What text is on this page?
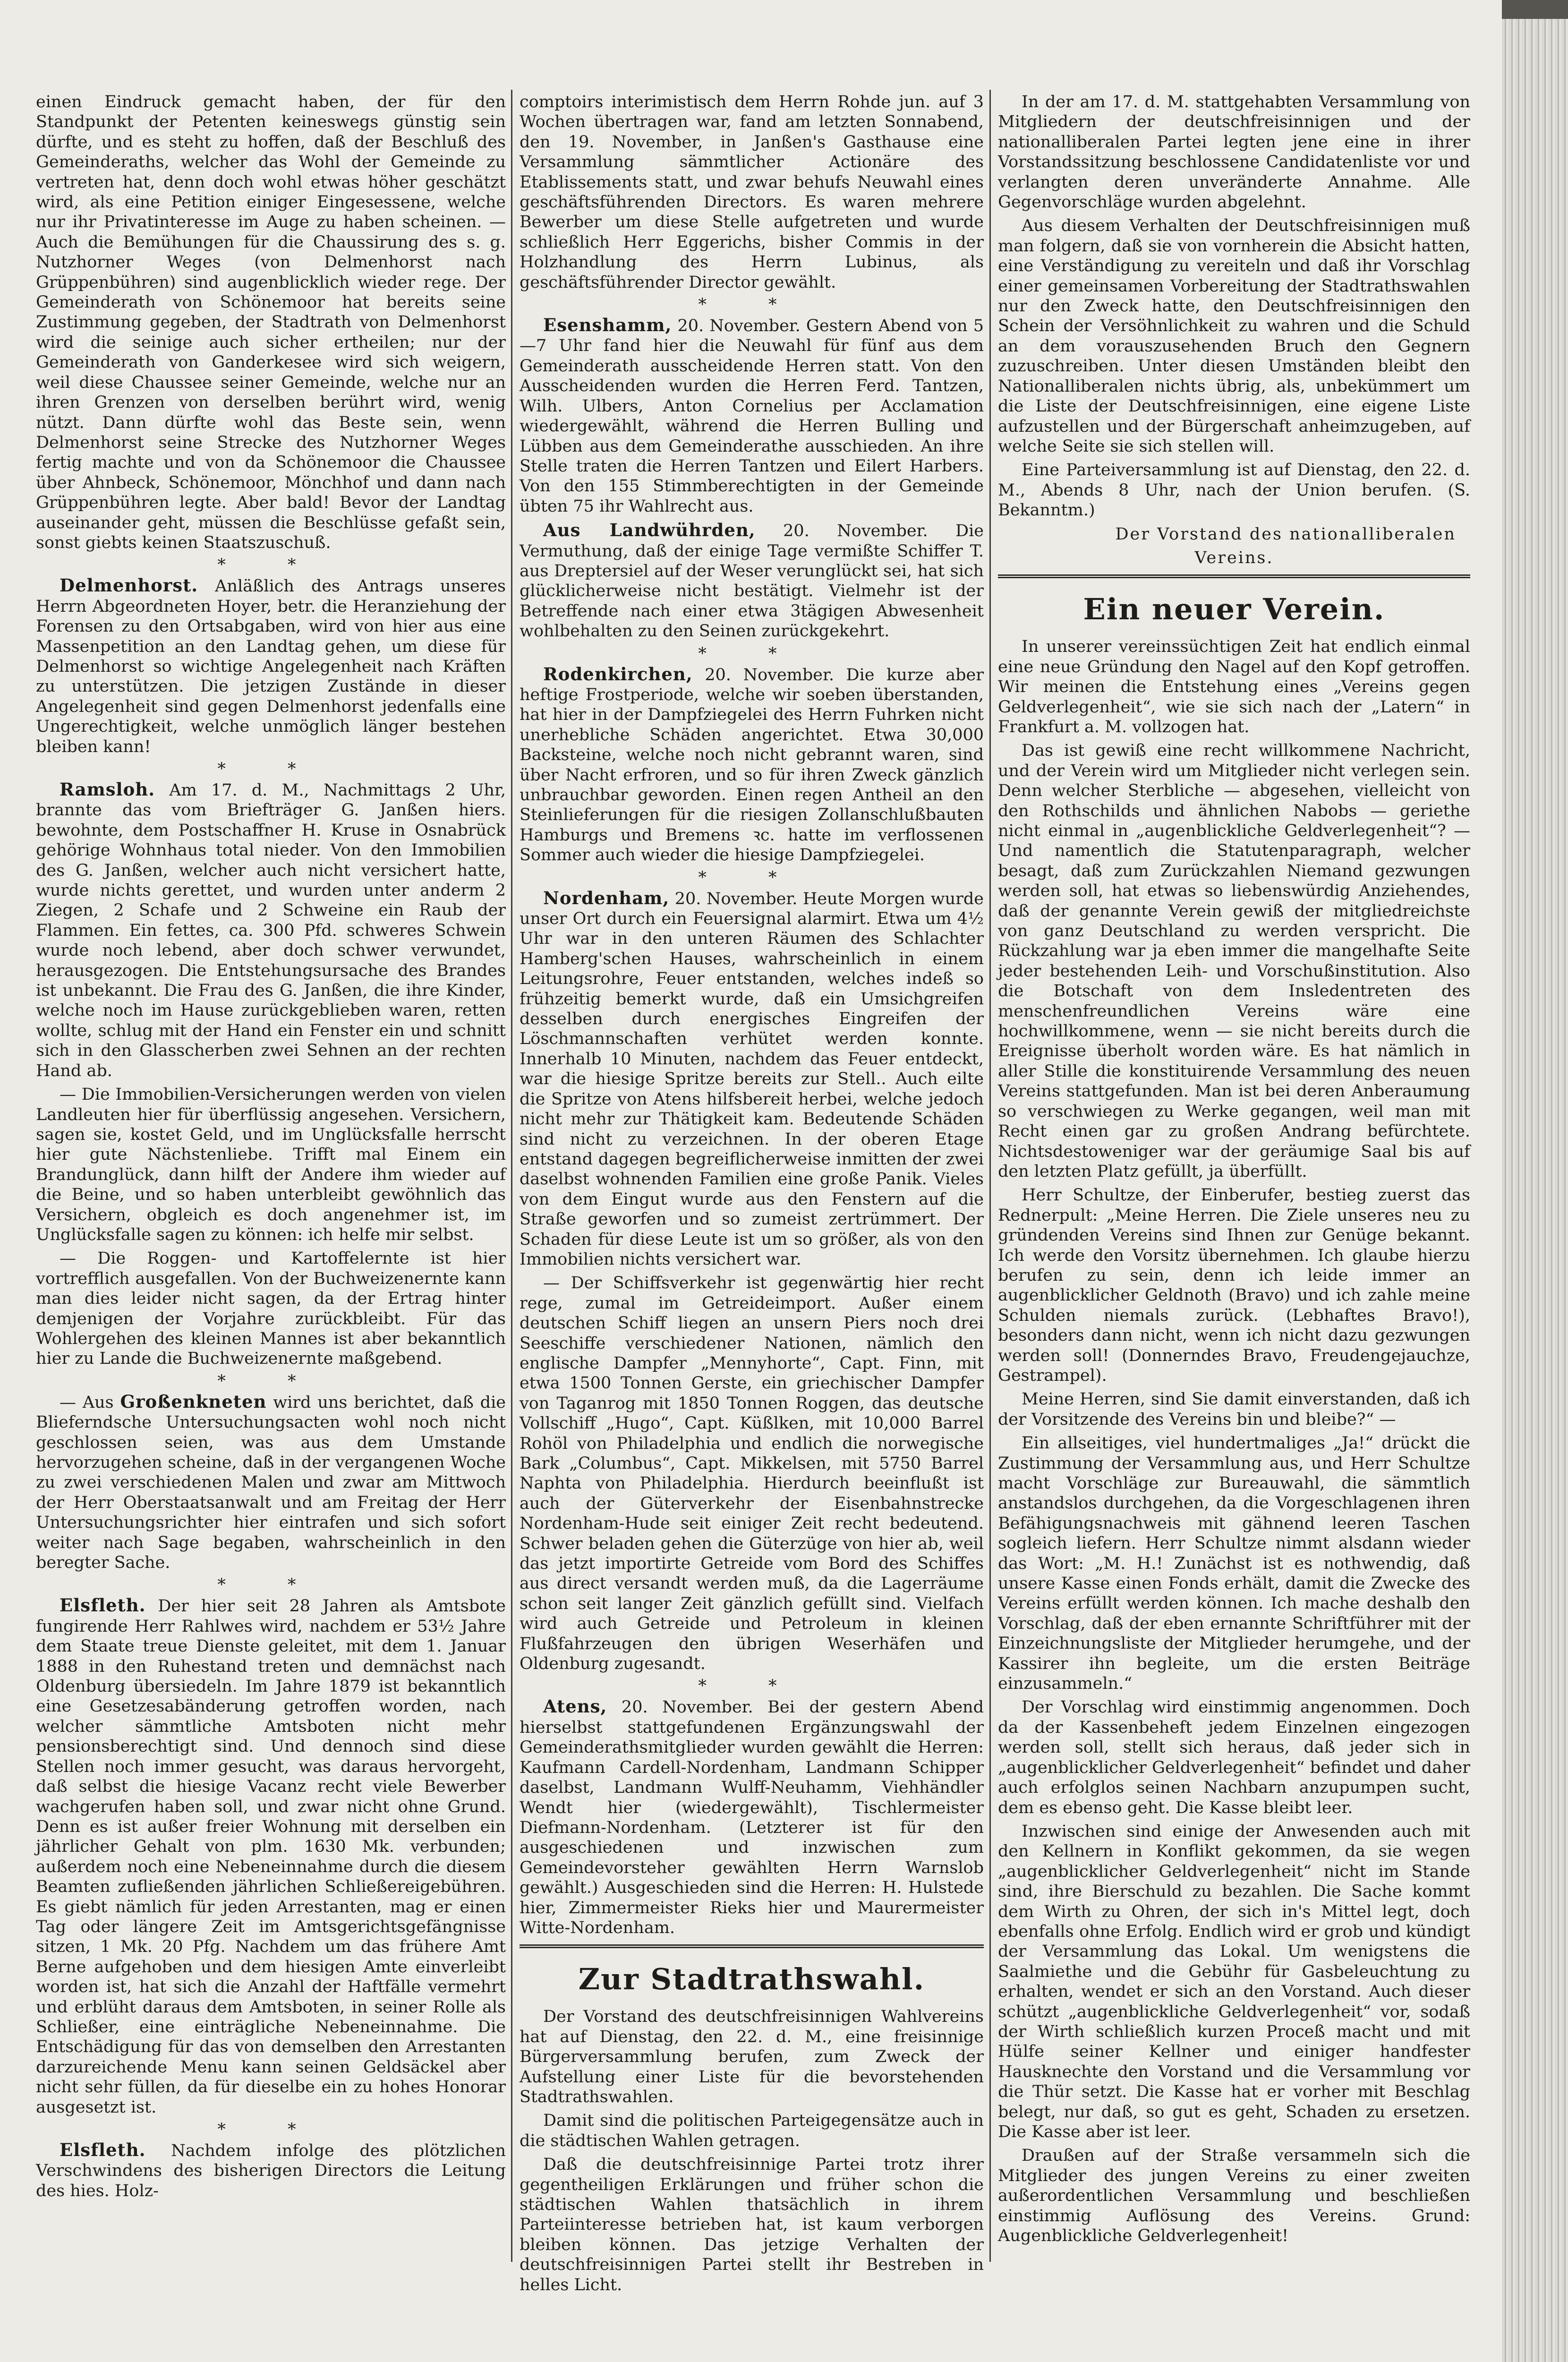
einen Eindruck gemacht haben, der für den Standpunkt der Petenten keineswegs günstig sein dürfte, und es steht zu hoffen, daß der Beschluß des Gemeinderaths, welcher das Wohl der Gemeinde zu vertreten hat, denn doch wohl etwas höher geschätzt wird, als eine Petition einiger Eingesessene, welche nur ihr Privatinteresse im Auge zu haben scheinen. — Auch die Bemühungen für die Chaussirung des s. g. Nutzhorner Weges (von Delmenhorst nach Grüppenbühren) sind augenblicklich wieder rege. Der Gemeinderath von Schönemoor hat bereits seine Zustimmung gegeben, der Stadtrath von Delmenhorst wird die seinige auch sicher ertheilen; nur der Gemeinderath von Ganderkesee wird sich weigern, weil diese Chaussee seiner Gemeinde, welche nur an ihren Grenzen von derselben berührt wird, wenig nützt. Dann dürfte wohl das Beste sein, wenn Delmenhorst seine Strecke des Nutzhorner Weges fertig machte und von da Schönemoor die Chaussee über Ahnbeck, Schönemoor, Mönchhof und dann nach Grüppenbühren legte. Aber bald! Bevor der Landtag auseinander geht, müssen die Beschlüsse gefaßt sein, sonst giebts keinen Staatszuschuß.

* *

Delmenhorst. Anläßlich des Antrags unseres Herrn Abgeordneten Hoyer, betr. die Heranziehung der Forensen zu den Ortsabgaben, wird von hier aus eine Massenpetition an den Landtag gehen, um diese für Delmenhorst so wichtige Angelegenheit nach Kräften zu unterstützen. Die jetzigen Zustände in dieser Angelegenheit sind gegen Delmenhorst jedenfalls eine Ungerechtigkeit, welche unmöglich länger bestehen bleiben kann!

* *

Ramsloh. Am 17. d. M., Nachmittags 2 Uhr, brannte das vom Briefträger G. Janßen hiers. bewohnte, dem Postschaffner H. Kruse in Osnabrück gehörige Wohnhaus total nieder. Von den Immobilien des G. Janßen, welcher auch nicht versichert hatte, wurde nichts gerettet, und wurden unter anderm 2 Ziegen, 2 Schafe und 2 Schweine ein Raub der Flammen. Ein fettes, ca. 300 Pfd. schweres Schwein wurde noch lebend, aber doch schwer verwundet, herausgezogen. Die Entstehungsursache des Brandes ist unbekannt. Die Frau des G. Janßen, die ihre Kinder, welche noch im Hause zurückgeblieben waren, retten wollte, schlug mit der Hand ein Fenster ein und schnitt sich in den Glasscherben zwei Sehnen an der rechten Hand ab.

— Die Immobilien-Versicherungen werden von vielen Landleuten hier für überflüssig angesehen. Versichern, sagen sie, kostet Geld, und im Unglücksfalle herrscht hier gute Nächstenliebe. Trifft mal Einem ein Brandunglück, dann hilft der Andere ihm wieder auf die Beine, und so haben unterbleibt gewöhnlich das Versichern, obgleich es doch angenehmer ist, im Unglücksfalle sagen zu können: ich helfe mir selbst.

— Die Roggen- und Kartoffelernte ist hier vortrefflich ausgefallen. Von der Buchweizenernte kann man dies leider nicht sagen, da der Ertrag hinter demjenigen der Vorjahre zurückbleibt. Für das Wohlergehen des kleinen Mannes ist aber bekanntlich hier zu Lande die Buchweizenernte maßgebend.

* *

— Aus Großenkneten wird uns berichtet, daß die Blieferndsche Untersuchungsacten wohl noch nicht geschlossen seien, was aus dem Umstande hervorzugehen scheine, daß in der vergangenen Woche zu zwei verschiedenen Malen und zwar am Mittwoch der Herr Oberstaatsanwalt und am Freitag der Herr Untersuchungsrichter hier eintrafen und sich sofort weiter nach Sage begaben, wahrscheinlich in den beregter Sache.

* *

Elsfleth. Der hier seit 28 Jahren als Amtsbote fungirende Herr Rahlwes wird, nachdem er 53½ Jahre dem Staate treue Dienste geleitet, mit dem 1. Januar 1888 in den Ruhestand treten und demnächst nach Oldenburg übersiedeln. Im Jahre 1879 ist bekanntlich eine Gesetzesabänderung getroffen worden, nach welcher sämmtliche Amtsboten nicht mehr pensionsberechtigt sind. Und dennoch sind diese Stellen noch immer gesucht, was daraus hervorgeht, daß selbst die hiesige Vacanz recht viele Bewerber wachgerufen haben soll, und zwar nicht ohne Grund. Denn es ist außer freier Wohnung mit derselben ein jährlicher Gehalt von plm. 1630 Mk. verbunden; außerdem noch eine Nebeneinnahme durch die diesem Beamten zufließenden jährlichen Schließereigebühren. Es giebt nämlich für jeden Arrestanten, mag er einen Tag oder längere Zeit im Amtsgerichtsgefängnisse sitzen, 1 Mk. 20 Pfg. Nachdem um das frühere Amt Berne aufgehoben und dem hiesigen Amte einverleibt worden ist, hat sich die Anzahl der Haftfälle vermehrt und erblüht daraus dem Amtsboten, in seiner Rolle als Schließer, eine einträgliche Nebeneinnahme. Die Entschädigung für das von demselben den Arrestanten darzureichende Menu kann seinen Geldsäckel aber nicht sehr füllen, da für dieselbe ein zu hohes Honorar ausgesetzt ist.

* *

Elsfleth. Nachdem infolge des plötzlichen Verschwindens des bisherigen Directors die Leitung des hies. Holz-

comptoirs interimistisch dem Herrn Rohde jun. auf 3 Wochen übertragen war, fand am letzten Sonnabend, den 19. November, in Janßen's Gasthause eine Versammlung sämmtlicher Actionäre des Etablissements statt, und zwar behufs Neuwahl eines geschäftsführenden Directors. Es waren mehrere Bewerber um diese Stelle aufgetreten und wurde schließlich Herr Eggerichs, bisher Commis in der Holzhandlung des Herrn Lubinus, als geschäftsführender Director gewählt.

* *

Esenshamm, 20. November. Gestern Abend von 5—7 Uhr fand hier die Neuwahl für fünf aus dem Gemeinderath ausscheidende Herren statt. Von den Ausscheidenden wurden die Herren Ferd. Tantzen, Wilh. Ulbers, Anton Cornelius per Acclamation wiedergewählt, während die Herren Bulling und Lübben aus dem Gemeinderathe ausschieden. An ihre Stelle traten die Herren Tantzen und Eilert Harbers. Von den 155 Stimmberechtigten in der Gemeinde übten 75 ihr Wahlrecht aus.

Aus Landwührden, 20. November. Die Vermuthung, daß der einige Tage vermißte Schiffer T. aus Dreptersiel auf der Weser verunglückt sei, hat sich glücklicherweise nicht bestätigt. Vielmehr ist der Betreffende nach einer etwa 3tägigen Abwesenheit wohlbehalten zu den Seinen zurückgekehrt.

* *

Rodenkirchen, 20. November. Die kurze aber heftige Frostperiode, welche wir soeben überstanden, hat hier in der Dampfziegelei des Herrn Fuhrken nicht unerhebliche Schäden angerichtet. Etwa 30,000 Backsteine, welche noch nicht gebrannt waren, sind über Nacht erfroren, und so für ihren Zweck gänzlich unbrauchbar geworden. Einen regen Antheil an den Steinlieferungen für die riesigen Zollanschlußbauten Hamburgs und Bremens ꝛc. hatte im verflossenen Sommer auch wieder die hiesige Dampfziegelei.

* *

Nordenham, 20. November. Heute Morgen wurde unser Ort durch ein Feuersignal alarmirt. Etwa um 4½ Uhr war in den unteren Räumen des Schlachter Hamberg'schen Hauses, wahrscheinlich in einem Leitungsrohre, Feuer entstanden, welches indeß so frühzeitig bemerkt wurde, daß ein Umsichgreifen desselben durch energisches Eingreifen der Löschmannschaften verhütet werden konnte. Innerhalb 10 Minuten, nachdem das Feuer entdeckt, war die hiesige Spritze bereits zur Stell.. Auch eilte die Spritze von Atens hilfsbereit herbei, welche jedoch nicht mehr zur Thätigkeit kam. Bedeutende Schäden sind nicht zu verzeichnen. In der oberen Etage entstand dagegen begreiflicherweise inmitten der zwei daselbst wohnenden Familien eine große Panik. Vieles von dem Eingut wurde aus den Fenstern auf die Straße geworfen und so zumeist zertrümmert. Der Schaden für diese Leute ist um so größer, als von den Immobilien nichts versichert war.

— Der Schiffsverkehr ist gegenwärtig hier recht rege, zumal im Getreideimport. Außer einem deutschen Schiff liegen an unsern Piers noch drei Seeschiffe verschiedener Nationen, nämlich den englische Dampfer „Mennyhorte“, Capt. Finn, mit etwa 1500 Tonnen Gerste, ein griechischer Dampfer von Taganrog mit 1850 Tonnen Roggen, das deutsche Vollschiff „Hugo“, Capt. Küßlken, mit 10,000 Barrel Rohöl von Philadelphia und endlich die norwegische Bark „Columbus“, Capt. Mikkelsen, mit 5750 Barrel Naphta von Philadelphia. Hierdurch beeinflußt ist auch der Güterverkehr der Eisenbahnstrecke Nordenham-Hude seit einiger Zeit recht bedeutend. Schwer beladen gehen die Güterzüge von hier ab, weil das jetzt importirte Getreide vom Bord des Schiffes aus direct versandt werden muß, da die Lagerräume schon seit langer Zeit gänzlich gefüllt sind. Vielfach wird auch Getreide und Petroleum in kleinen Flußfahrzeugen den übrigen Weserhäfen und Oldenburg zugesandt.

* *

Atens, 20. November. Bei der gestern Abend hierselbst stattgefundenen Ergänzungswahl der Gemeinderathsmitglieder wurden gewählt die Herren: Kaufmann Cardell-Nordenham, Landmann Schipper daselbst, Landmann Wulff-Neuhamm, Viehhändler Wendt hier (wiedergewählt), Tischlermeister Diefmann-Nordenham. (Letzterer ist für den ausgeschiedenen und inzwischen zum Gemeindevorsteher gewählten Herrn Warnslob gewählt.) Ausgeschieden sind die Herren: H. Hulstede hier, Zimmermeister Rieks hier und Maurermeister Witte-Nordenham.

Zur Stadtrathswahl.

Der Vorstand des deutschfreisinnigen Wahlvereins hat auf Dienstag, den 22. d. M., eine freisinnige Bürgerversammlung berufen, zum Zweck der Aufstellung einer Liste für die bevorstehenden Stadtrathswahlen.

Damit sind die politischen Parteigegensätze auch in die städtischen Wahlen getragen.

Daß die deutschfreisinnige Partei trotz ihrer gegentheiligen Erklärungen und früher schon die städtischen Wahlen thatsächlich in ihrem Parteiinteresse betrieben hat, ist kaum verborgen bleiben können. Das jetzige Verhalten der deutschfreisinnigen Partei stellt ihr Bestreben in helles Licht.

In der am 17. d. M. stattgehabten Versammlung von Mitgliedern der deutschfreisinnigen und der nationalliberalen Partei legten jene eine in ihrer Vorstandssitzung beschlossene Candidatenliste vor und verlangten deren unveränderte Annahme. Alle Gegenvorschläge wurden abgelehnt.

Aus diesem Verhalten der Deutschfreisinnigen muß man folgern, daß sie von vornherein die Absicht hatten, eine Verständigung zu vereiteln und daß ihr Vorschlag einer gemeinsamen Vorbereitung der Stadtrathswahlen nur den Zweck hatte, den Deutschfreisinnigen den Schein der Versöhnlichkeit zu wahren und die Schuld an dem vorauszusehenden Bruch den Gegnern zuzuschreiben. Unter diesen Umständen bleibt den Nationalliberalen nichts übrig, als, unbekümmert um die Liste der Deutschfreisinnigen, eine eigene Liste aufzustellen und der Bürgerschaft anheimzugeben, auf welche Seite sie sich stellen will.

Eine Parteiversammlung ist auf Dienstag, den 22. d. M., Abends 8 Uhr, nach der Union berufen. (S. Bekanntm.)

Der Vorstand des nationalliberalen
Vereins.
Ein neuer Verein.

In unserer vereinssüchtigen Zeit hat endlich einmal eine neue Gründung den Nagel auf den Kopf getroffen. Wir meinen die Entstehung eines „Vereins gegen Geldverlegenheit“, wie sie sich nach der „Latern“ in Frankfurt a. M. vollzogen hat.

Das ist gewiß eine recht willkommene Nachricht, und der Verein wird um Mitglieder nicht verlegen sein. Denn welcher Sterbliche — abgesehen, vielleicht von den Rothschilds und ähnlichen Nabobs — geriethe nicht einmal in „augenblickliche Geldverlegenheit“? — Und namentlich die Statutenparagraph, welcher besagt, daß zum Zurückzahlen Niemand gezwungen werden soll, hat etwas so liebenswürdig Anziehendes, daß der genannte Verein gewiß der mitgliedreichste von ganz Deutschland zu werden verspricht. Die Rückzahlung war ja eben immer die mangelhafte Seite jeder bestehenden Leih- und Vorschußinstitution. Also die Botschaft von dem Insledentreten des menschenfreundlichen Vereins wäre eine hochwillkommene, wenn — sie nicht bereits durch die Ereignisse überholt worden wäre. Es hat nämlich in aller Stille die konstituirende Versammlung des neuen Vereins stattgefunden. Man ist bei deren Anberaumung so verschwiegen zu Werke gegangen, weil man mit Recht einen gar zu großen Andrang befürchtete. Nichtsdestoweniger war der geräumige Saal bis auf den letzten Platz gefüllt, ja überfüllt.

Herr Schultze, der Einberufer, bestieg zuerst das Rednerpult: „Meine Herren. Die Ziele unseres neu zu gründenden Vereins sind Ihnen zur Genüge bekannt. Ich werde den Vorsitz übernehmen. Ich glaube hierzu berufen zu sein, denn ich leide immer an augenblicklicher Geldnoth (Bravo) und ich zahle meine Schulden niemals zurück. (Lebhaftes Bravo!), besonders dann nicht, wenn ich nicht dazu gezwungen werden soll! (Donnerndes Bravo, Freudengejauchze, Gestrampel).

Meine Herren, sind Sie damit einverstanden, daß ich der Vorsitzende des Vereins bin und bleibe?“ —

Ein allseitiges, viel hundertmaliges „Ja!“ drückt die Zustimmung der Versammlung aus, und Herr Schultze macht Vorschläge zur Bureauwahl, die sämmtlich anstandslos durchgehen, da die Vorgeschlagenen ihren Befähigungsnachweis mit gähnend leeren Taschen sogleich liefern. Herr Schultze nimmt alsdann wieder das Wort: „M. H.! Zunächst ist es nothwendig, daß unsere Kasse einen Fonds erhält, damit die Zwecke des Vereins erfüllt werden können. Ich mache deshalb den Vorschlag, daß der eben ernannte Schriftführer mit der Einzeichnungsliste der Mitglieder herumgehe, und der Kassirer ihn begleite, um die ersten Beiträge einzusammeln.“

Der Vorschlag wird einstimmig angenommen. Doch da der Kassenbeheft jedem Einzelnen eingezogen werden soll, stellt sich heraus, daß jeder sich in „augenblicklicher Geldverlegenheit“ befindet und daher auch erfolglos seinen Nachbarn anzupumpen sucht, dem es ebenso geht. Die Kasse bleibt leer.

Inzwischen sind einige der Anwesenden auch mit den Kellnern in Konflikt gekommen, da sie wegen „augenblicklicher Geldverlegenheit“ nicht im Stande sind, ihre Bierschuld zu bezahlen. Die Sache kommt dem Wirth zu Ohren, der sich in's Mittel legt, doch ebenfalls ohne Erfolg. Endlich wird er grob und kündigt der Versammlung das Lokal. Um wenigstens die Saalmiethe und die Gebühr für Gasbeleuchtung zu erhalten, wendet er sich an den Vorstand. Auch dieser schützt „augenblickliche Geldverlegenheit“ vor, sodaß der Wirth schließlich kurzen Proceß macht und mit Hülfe seiner Kellner und einiger handfester Hausknechte den Vorstand und die Versammlung vor die Thür setzt. Die Kasse hat er vorher mit Beschlag belegt, nur daß, so gut es geht, Schaden zu ersetzen. Die Kasse aber ist leer.

Draußen auf der Straße versammeln sich die Mitglieder des jungen Vereins zu einer zweiten außerordentlichen Versammlung und beschließen einstimmig Auflösung des Vereins. Grund: Augenblickliche Geldverlegenheit!
